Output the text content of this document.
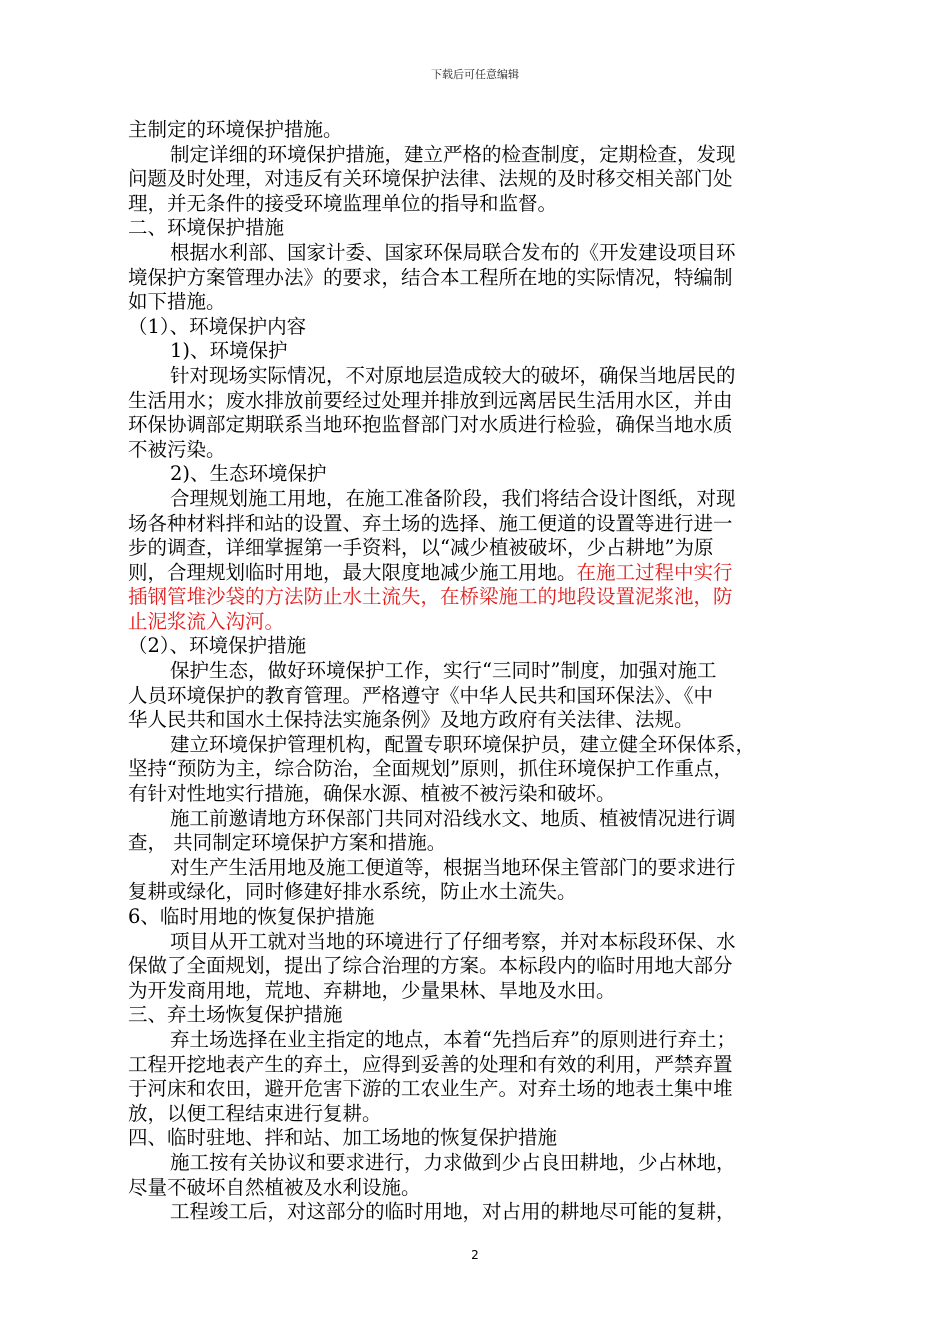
下载后可任意编辑
主制定的环境保护措施。
制定详细的环境保护措施，建立严格的检查制度，定期检查，发现
问题及时处理，对违反有关环境保护法律、法规的及时移交相关部门处
理，并无条件的接受环境监理单位的指导和监督。
二、环境保护措施
根据水利部、国家计委、国家环保局联合发布的《开发建设项目环
境保护方案管理办法》的要求，结合本工程所在地的实际情况，特编制
如下措施。
（1）、环境保护内容
1)、环境保护
针对现场实际情况，不对原地层造成较大的破坏，确保当地居民的
生活用水；废水排放前要经过处理并排放到远离居民生活用水区，并由
环保协调部定期联系当地环抱监督部门对水质进行检验，确保当地水质
不被污染。
2)、生态环境保护
合理规划施工用地，在施工准备阶段，我们将结合设计图纸，对现
场各种材料拌和站的设置、弃土场的选择、施工便道的设置等进行进一
步的调查，详细掌握第一手资料，以“减少植被破坏，少占耕地”为原
则，合理规划临时用地，最大限度地减少施工用地。在施工过程中实行
插钢管堆沙袋的方法防止水土流失，在桥梁施工的地段设置泥浆池，防
止泥浆流入沟河。
（2）、环境保护措施
保护生态，做好环境保护工作，实行“三同时”制度，加强对施工
人员环境保护的教育管理。严格遵守《中华人民共和国环保法》、《中
华人民共和国水土保持法实施条例》及地方政府有关法律、法规。
建立环境保护管理机构，配置专职环境保护员，建立健全环保体系，
坚持“预防为主，综合防治，全面规划”原则，抓住环境保护工作重点，
有针对性地实行措施，确保水源、植被不被污染和破坏。
施工前邀请地方环保部门共同对沿线水文、地质、植被情况进行调
查， 共同制定环境保护方案和措施。
对生产生活用地及施工便道等，根据当地环保主管部门的要求进行
复耕或绿化，同时修建好排水系统，防止水土流失。
6、临时用地的恢复保护措施
项目从开工就对当地的环境进行了仔细考察，并对本标段环保、水
保做了全面规划，提出了综合治理的方案。本标段内的临时用地大部分
为开发商用地，荒地、弃耕地，少量果林、旱地及水田。
三、弃土场恢复保护措施
弃土场选择在业主指定的地点，本着“先挡后弃”的原则进行弃土；
工程开挖地表产生的弃土，应得到妥善的处理和有效的利用，严禁弃置
于河床和农田，避开危害下游的工农业生产。对弃土场的地表土集中堆
放，以便工程结束进行复耕。
四、临时驻地、拌和站、加工场地的恢复保护措施
施工按有关协议和要求进行，力求做到少占良田耕地，少占林地，
尽量不破坏自然植被及水利设施。
工程竣工后，对这部分的临时用地，对占用的耕地尽可能的复耕，
2
